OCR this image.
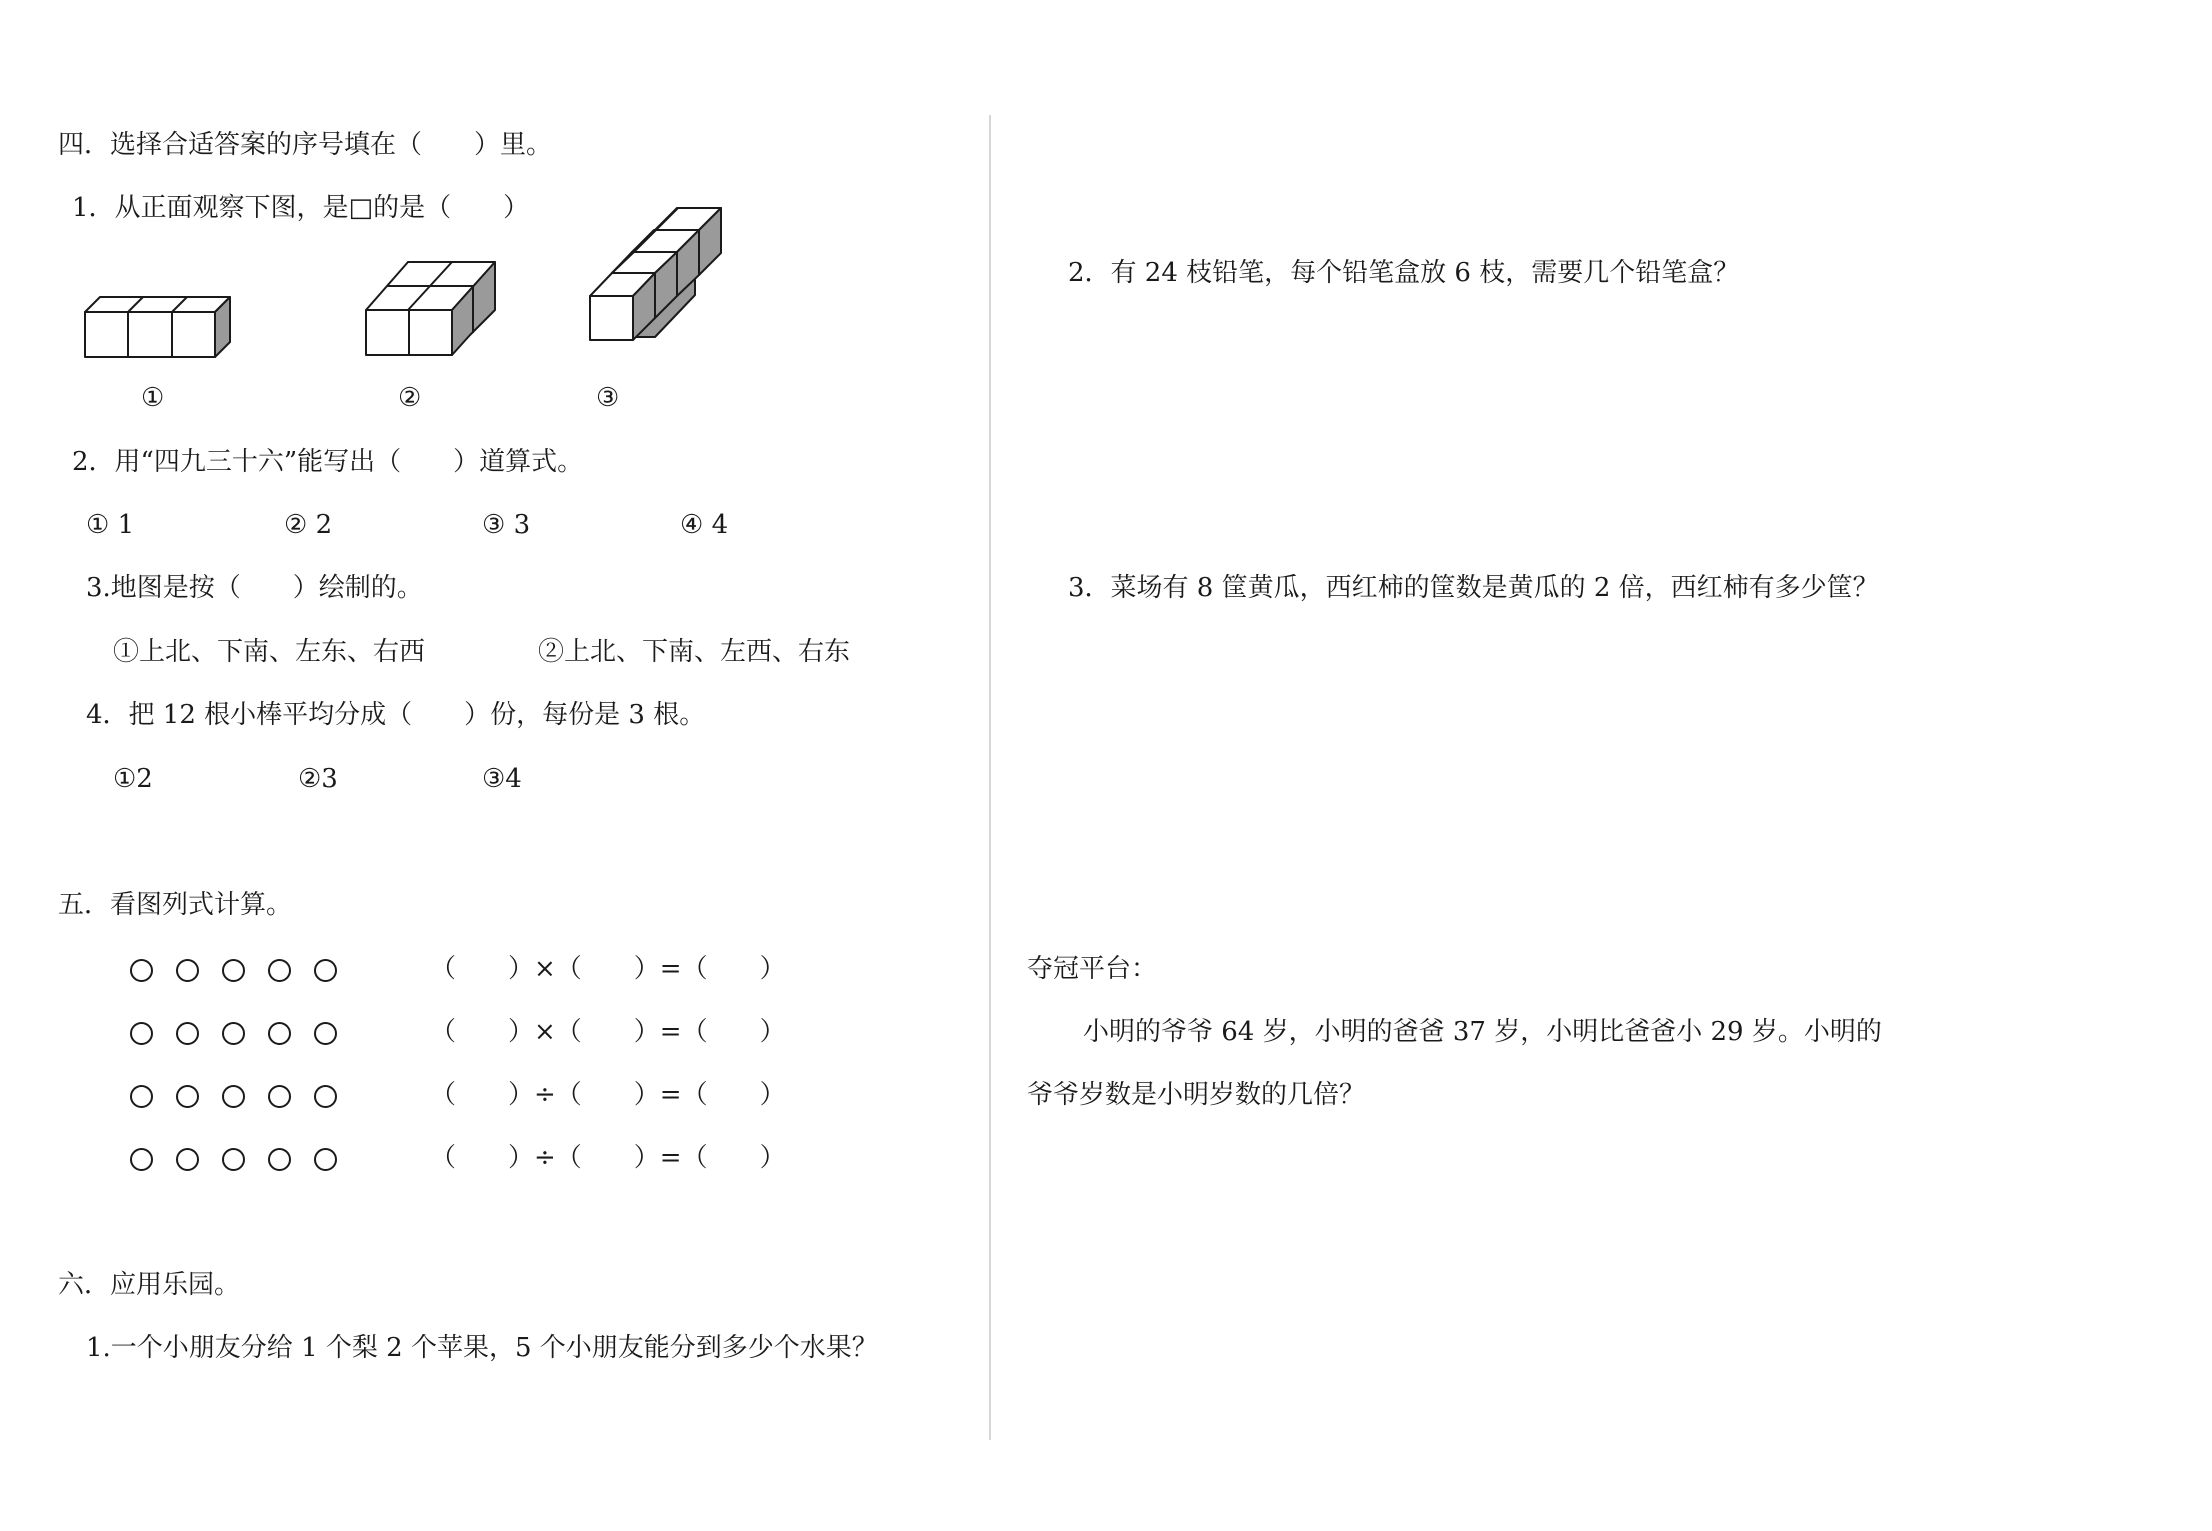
四．选择合适答案的序号填在（　　）里。
1．从正面观察下图，是□的是（　　）
①	②	③
2．用“四九三十六”能写出（　　）道算式。
① 1	② 2	③ 3	④ 4
3.地图是按（　　）绘制的。
①上北、下南、左东、右西	②上北、下南、左西、右东
4．把 12 根小棒平均分成（　　）份，每份是 3 根。
①2	②3	③4
五．看图列式计算。
（　　）×（　　）=（　　）
（　　）×（　　）=（　　）
（　　）÷（　　）=（　　）
（　　）÷（　　）=（　　）
六．应用乐园。
1.一个小朋友分给 1 个梨 2 个苹果，5 个小朋友能分到多少个水果？
2．有 24 枝铅笔，每个铅笔盒放 6 枝，需要几个铅笔盒？
3．菜场有 8 筐黄瓜，西红柿的筐数是黄瓜的 2 倍，西红柿有多少筐？
夺冠平台：
小明的爷爷 64 岁，小明的爸爸 37 岁，小明比爸爸小 29 岁。小明的
爷爷岁数是小明岁数的几倍？
